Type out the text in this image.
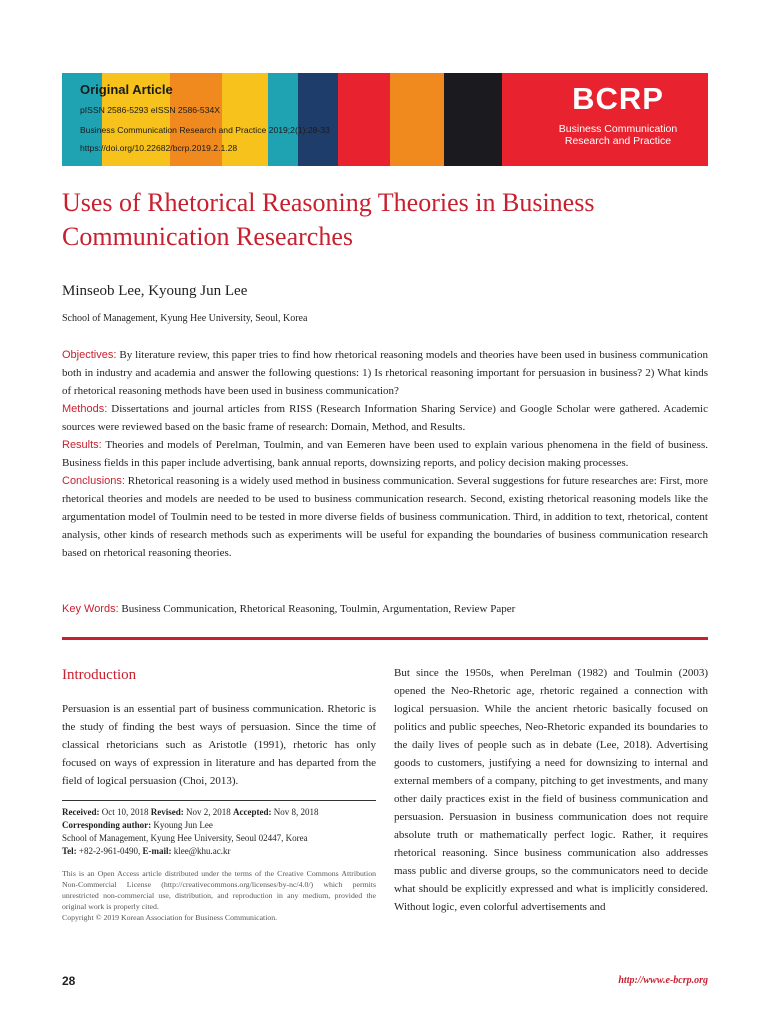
Original Article
pISSN 2586-5293 eISSN 2586-534X
Business Communication Research and Practice 2019;2(1):28-33
https://doi.org/10.22682/bcrp.2019.2.1.28
BCRP
Business Communication
Research and Practice
Uses of Rhetorical Reasoning Theories in Business Communication Researches
Minseob Lee, Kyoung Jun Lee
School of Management, Kyung Hee University, Seoul, Korea

Objectives: By literature review, this paper tries to find how rhetorical reasoning models and theories have been used in business communication both in industry and academia and answer the following questions: 1) Is rhetorical reasoning important for persuasion in business? 2) What kinds of rhetorical reasoning methods have been used in business communication?

Methods: Dissertations and journal articles from RISS (Research Information Sharing Service) and Google Scholar were gathered. Academic sources were reviewed based on the basic frame of research: Domain, Method, and Results.

Results: Theories and models of Perelman, Toulmin, and van Eemeren have been used to explain various phenomena in the field of business. Business fields in this paper include advertising, bank annual reports, downsizing reports, and policy decision making processes.

Conclusions: Rhetorical reasoning is a widely used method in business communication. Several suggestions for future researches are: First, more rhetorical theories and models are needed to be used to business communication research. Second, existing rhetorical reasoning models like the argumentation model of Toulmin need to be tested in more diverse fields of business communication. Third, in addition to text, rhetorical, content analysis, other kinds of research methods such as experiments will be useful for expanding the boundaries of business communication research based on rhetorical reasoning theories.

Key Words: Business Communication, Rhetorical Reasoning, Toulmin, Argumentation, Review Paper
Introduction

Persuasion is an essential part of business communication. Rhetoric is the study of finding the best ways of persuasion. Since the time of classical rhetoricians such as Aristotle (1991), rhetoric has only focused on ways of expression in literature and has departed from the field of logical persuasion (Choi, 2013).

But since the 1950s, when Perelman (1982) and Toulmin (2003) opened the Neo-Rhetoric age, rhetoric regained a connection with logical persuasion. While the ancient rhetoric basically focused on politics and public speeches, Neo-Rhetoric expanded its boundaries to the daily lives of people such as in debate (Lee, 2018). Advertising goods to customers, justifying a need for downsizing to internal and external members of a company, pitching to get investments, and many other daily practices exist in the field of business communication and persuasion. Persuasion in business communication does not require absolute truth or mathematically perfect logic. Rather, it requires rhetorical reasoning. Since business communication also addresses mass public and diverse groups, so the communicators need to decide what should be explicitly expressed and what is implicitly considered. Without logic, even colorful advertisements and

Received: Oct 10, 2018 Revised: Nov 2, 2018 Accepted: Nov 8, 2018
Corresponding author: Kyoung Jun Lee
School of Management, Kyung Hee University, Seoul 02447, Korea
Tel: +82-2-961-0490, E-mail: klee@khu.ac.kr
This is an Open Access article distributed under the terms of the Creative Commons Attribution Non-Commercial License (http://creativecommons.org/licenses/by-nc/4.0/) which permits unrestricted non-commercial use, distribution, and reproduction in any medium, provided the original work is properly cited.
Copyright © 2019 Korean Association for Business Communication.
28	http://www.e-bcrp.org
